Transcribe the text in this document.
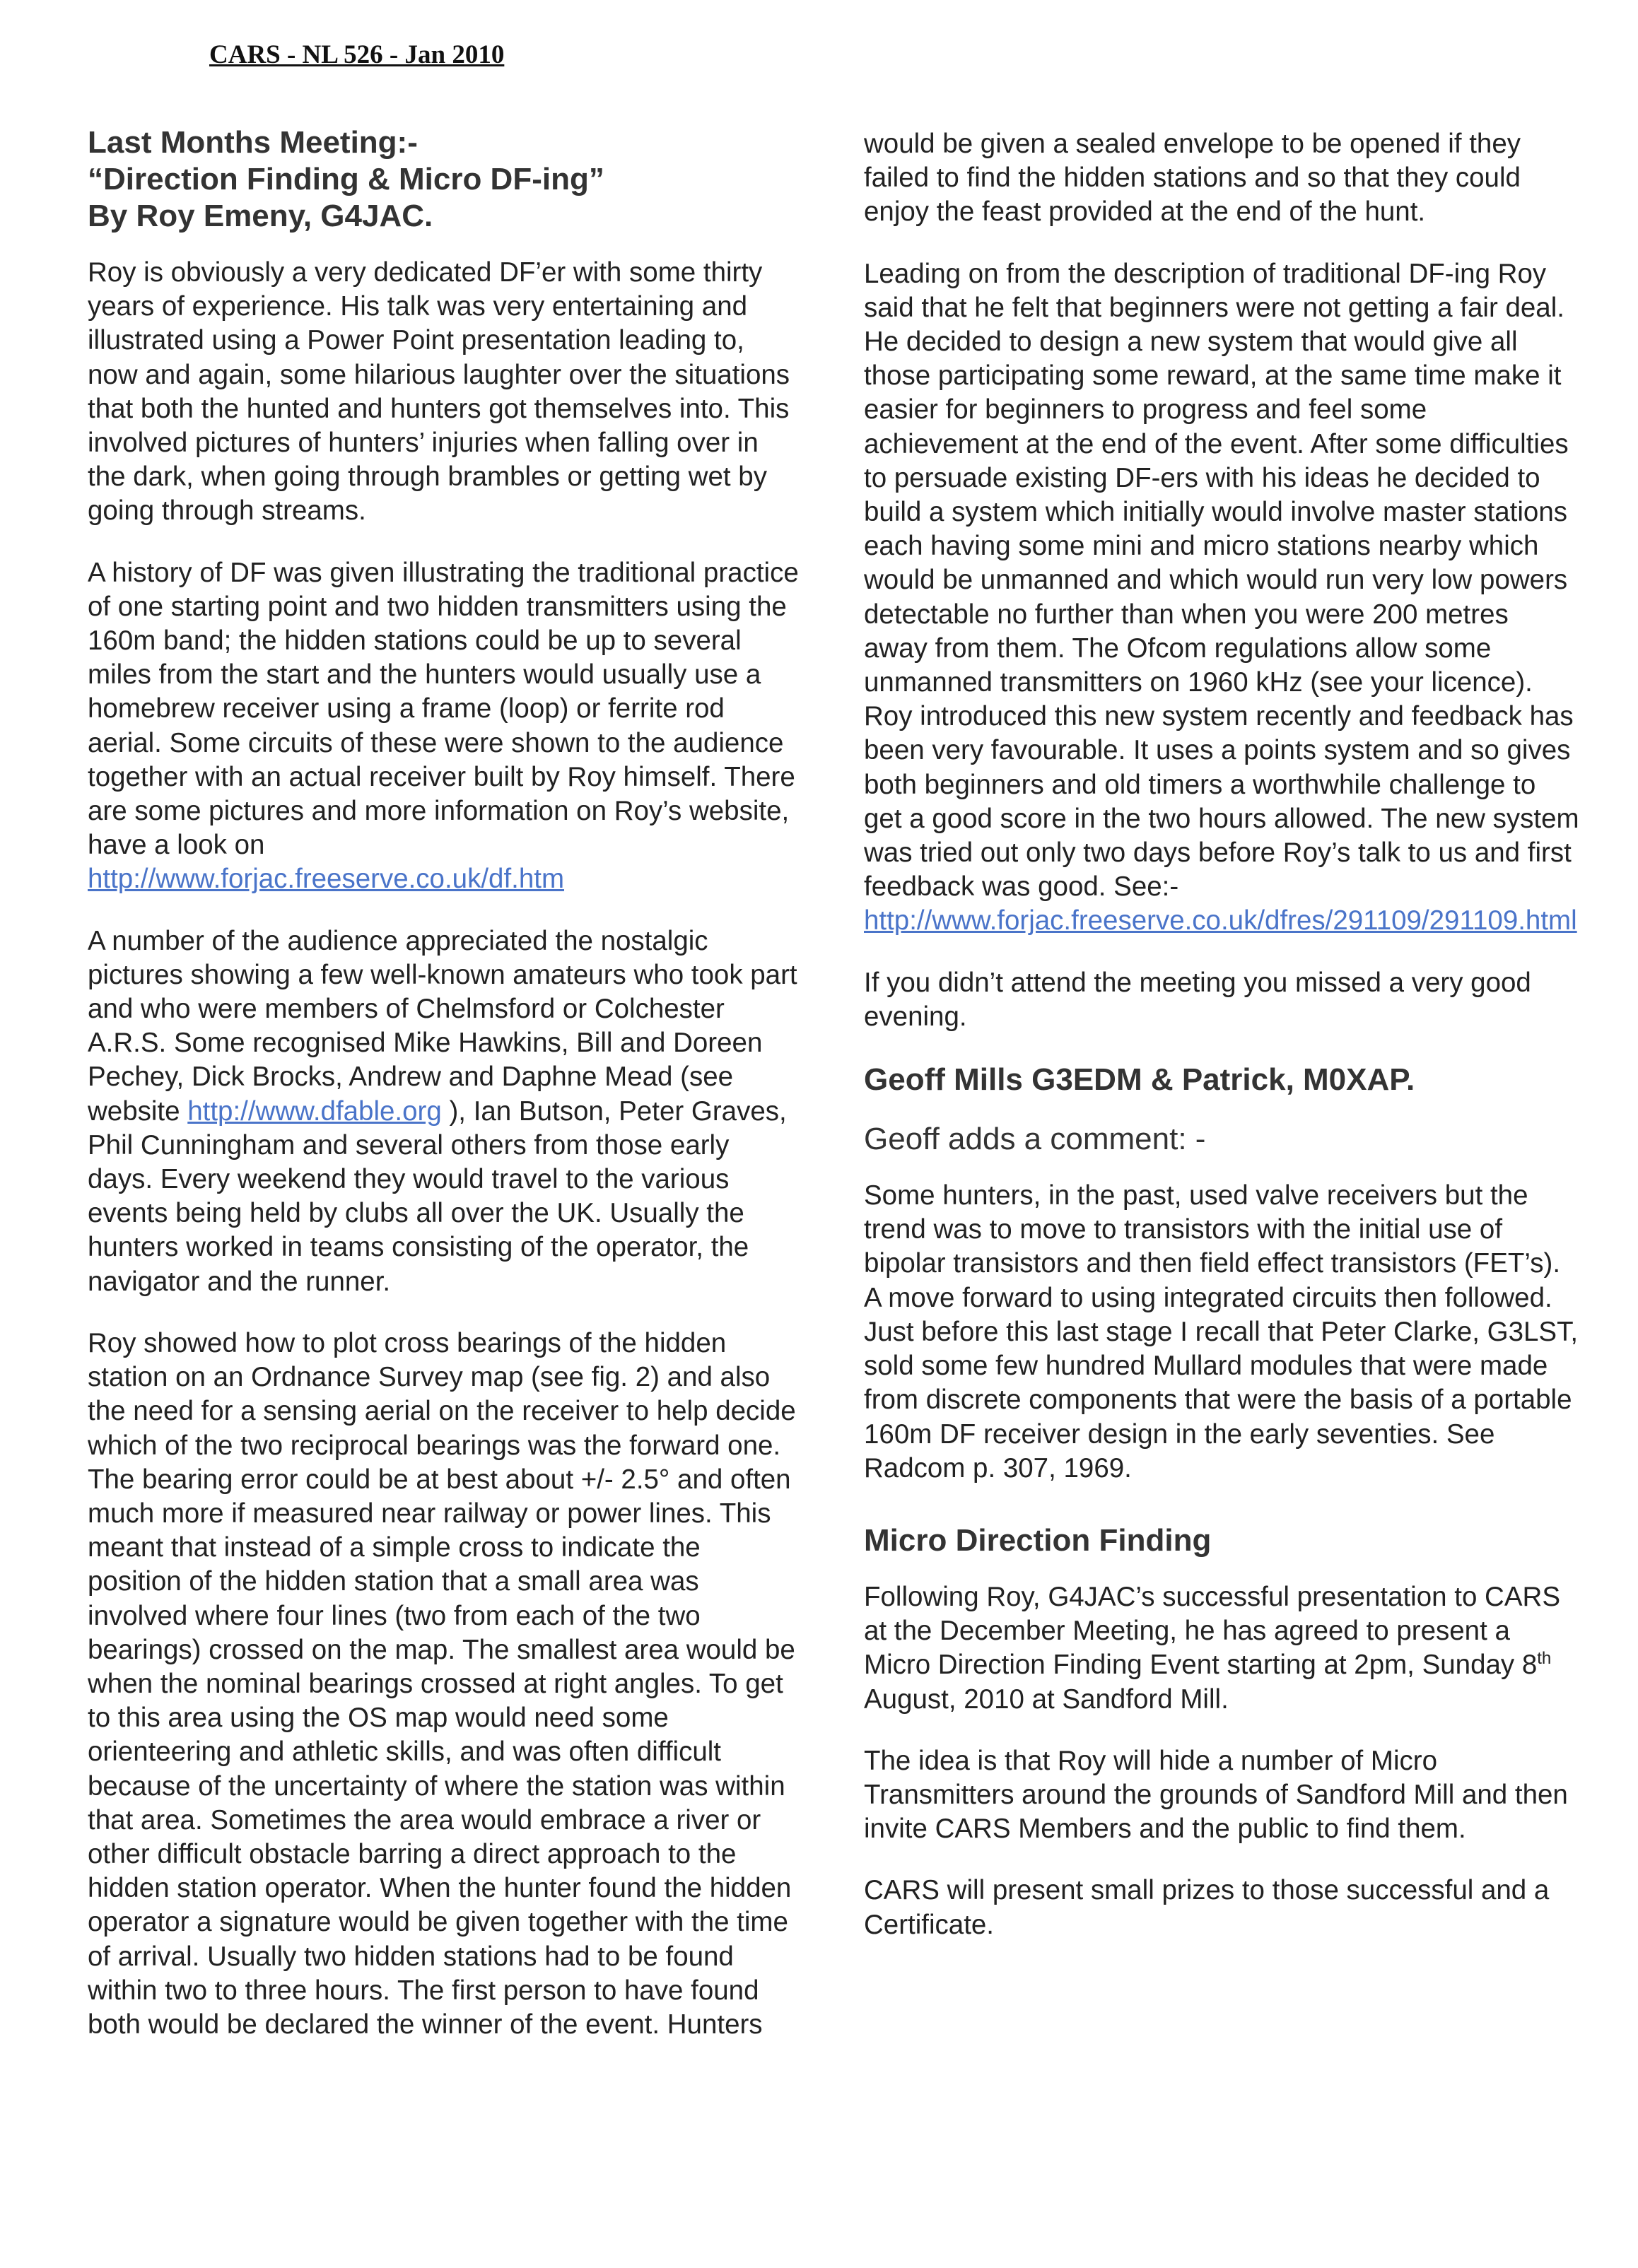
CARS - NL 526 - Jan 2010
Last Months Meeting:-
“Direction Finding & Micro DF-ing”
By Roy Emeny, G4JAC.

Roy is obviously a very dedicated DF’er with some thirty years of experience. His talk was very entertaining and illustrated using a Power Point presentation leading to, now and again, some hilarious laughter over the situations that both the hunted and hunters got themselves into. This involved pictures of hunters’ injuries when falling over in the dark, when going through brambles or getting wet by going through streams.

A history of DF was given illustrating the traditional practice of one starting point and two hidden transmitters using the 160m band; the hidden stations could be up to several miles from the start and the hunters would usually use a homebrew receiver using a frame (loop) or ferrite rod aerial. Some circuits of these were shown to the audience together with an actual receiver built by Roy himself. There are some pictures and more information on Roy’s website, have a look on
http://www.forjac.freeserve.co.uk/df.htm

A number of the audience appreciated the nostalgic pictures showing a few well-known amateurs who took part and who were members of Chelmsford or Colchester A.R.S. Some recognised Mike Hawkins, Bill and Doreen Pechey, Dick Brocks, Andrew and Daphne Mead (see website http://www.dfable.org ), Ian Butson, Peter Graves, Phil Cunningham and several others from those early days. Every weekend they would travel to the various events being held by clubs all over the UK. Usually the hunters worked in teams consisting of the operator, the navigator and the runner.

Roy showed how to plot cross bearings of the hidden station on an Ordnance Survey map (see fig. 2) and also the need for a sensing aerial on the receiver to help decide which of the two reciprocal bearings was the forward one. The bearing error could be at best about +/- 2.5° and often much more if measured near railway or power lines. This meant that instead of a simple cross to indicate the position of the hidden station that a small area was involved where four lines (two from each of the two bearings) crossed on the map. The smallest area would be when the nominal bearings crossed at right angles. To get to this area using the OS map would need some orienteering and athletic skills, and was often difficult because of the uncertainty of where the station was within that area. Sometimes the area would embrace a river or other difficult obstacle barring a direct approach to the hidden station operator. When the hunter found the hidden operator a signature would be given together with the time of arrival. Usually two hidden stations had to be found within two to three hours. The first person to have found both would be declared the winner of the event. Hunters

would be given a sealed envelope to be opened if they failed to find the hidden stations and so that they could enjoy the feast provided at the end of the hunt.

Leading on from the description of traditional DF-ing Roy said that he felt that beginners were not getting a fair deal. He decided to design a new system that would give all those participating some reward, at the same time make it easier for beginners to progress and feel some achievement at the end of the event. After some difficulties to persuade existing DF-ers with his ideas he decided to build a system which initially would involve master stations each having some mini and micro stations nearby which would be unmanned and which would run very low powers detectable no further than when you were 200 metres away from them. The Ofcom regulations allow some unmanned transmitters on 1960 kHz (see your licence). Roy introduced this new system recently and feedback has been very favourable. It uses a points system and so gives both beginners and old timers a worthwhile challenge to get a good score in the two hours allowed. The new system was tried out only two days before Roy’s talk to us and first feedback was good. See:-
http://www.forjac.freeserve.co.uk/dfres/291109/291109.html

If you didn’t attend the meeting you missed a very good evening.

Geoff Mills G3EDM & Patrick, M0XAP.
Geoff adds a comment: -

Some hunters, in the past, used valve receivers but the trend was to move to transistors with the initial use of bipolar transistors and then field effect transistors (FET’s). A move forward to using integrated circuits then followed. Just before this last stage I recall that Peter Clarke, G3LST, sold some few hundred Mullard modules that were made from discrete components that were the basis of a portable 160m DF receiver design in the early seventies. See Radcom p. 307, 1969.

Micro Direction Finding

Following Roy, G4JAC’s successful presentation to CARS at the December Meeting, he has agreed to present a Micro Direction Finding Event starting at 2pm, Sunday 8th August, 2010 at Sandford Mill.

The idea is that Roy will hide a number of Micro Transmitters around the grounds of Sandford Mill and then invite CARS Members and the public to find them.

CARS will present small prizes to those successful and a Certificate.
